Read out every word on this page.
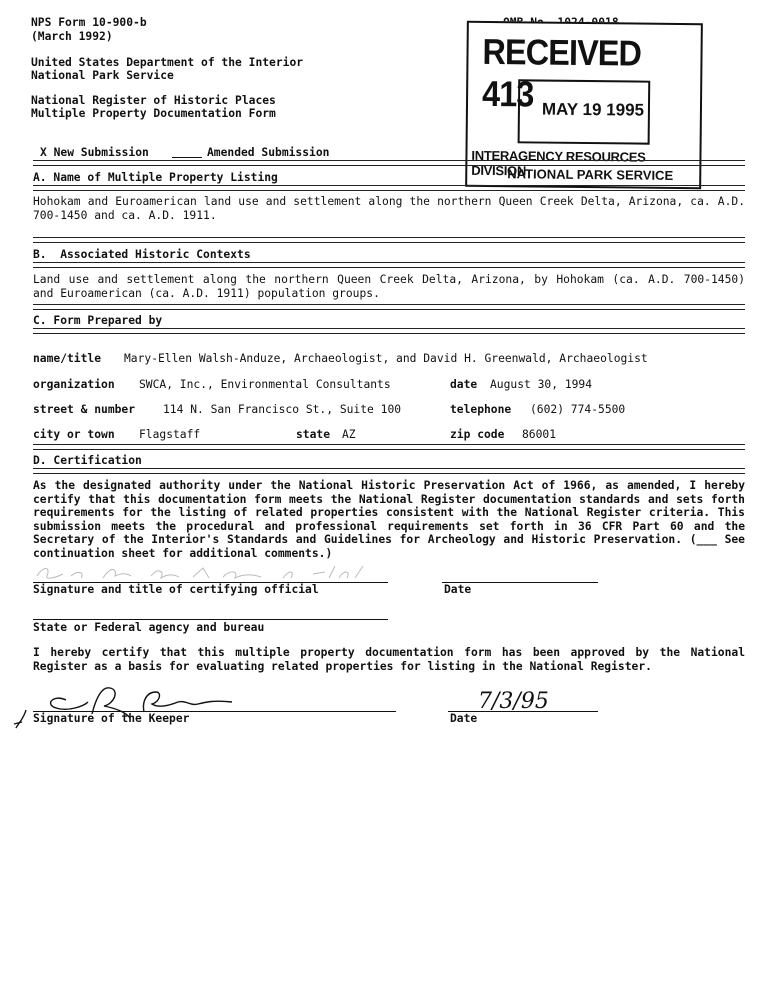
NPS Form 10-900-b
(March 1992)
United States Department of the Interior
National Park Service
National Register of Historic Places
Multiple Property Documentation Form
X New Submission	Amended Submission
RECEIVED 413 MAY 19 1995
INTERAGENCY RESOURCES DIVISION
NATIONAL PARK SERVICE
A. Name of Multiple Property Listing
Hohokam and Euroamerican land use and settlement along the northern Queen Creek Delta, Arizona, ca. A.D. 700-1450 and ca. A.D. 1911.
B.  Associated Historic Contexts
Land use and settlement along the northern Queen Creek Delta, Arizona, by Hohokam (ca. A.D. 700-1450) and Euroamerican (ca. A.D. 1911) population groups.
C. Form Prepared by
name/title Mary-Ellen Walsh-Anduze, Archaeologist, and David H. Greenwald, Archaeologist
organization SWCA, Inc., Environmental Consultants	date August 30, 1994
street & number 114 N. San Francisco St., Suite 100	telephone (602) 774-5500
city or town Flagstaff	state AZ	zip code 86001
D. Certification
As the designated authority under the National Historic Preservation Act of 1966, as amended, I hereby certify that this documentation form meets the National Register documentation standards and sets forth requirements for the listing of related properties consistent with the National Register criteria. This submission meets the procedural and professional requirements set forth in 36 CFR Part 60 and the Secretary of the Interior's Standards and Guidelines for Archeology and Historic Preservation. (___ See continuation sheet for additional comments.)
Signature and title of certifying official	Date
State or Federal agency and bureau
I hereby certify that this multiple property documentation form has been approved by the National Register as a basis for evaluating related properties for listing in the National Register.
Signature of the Keeper	Date
7/3/95
